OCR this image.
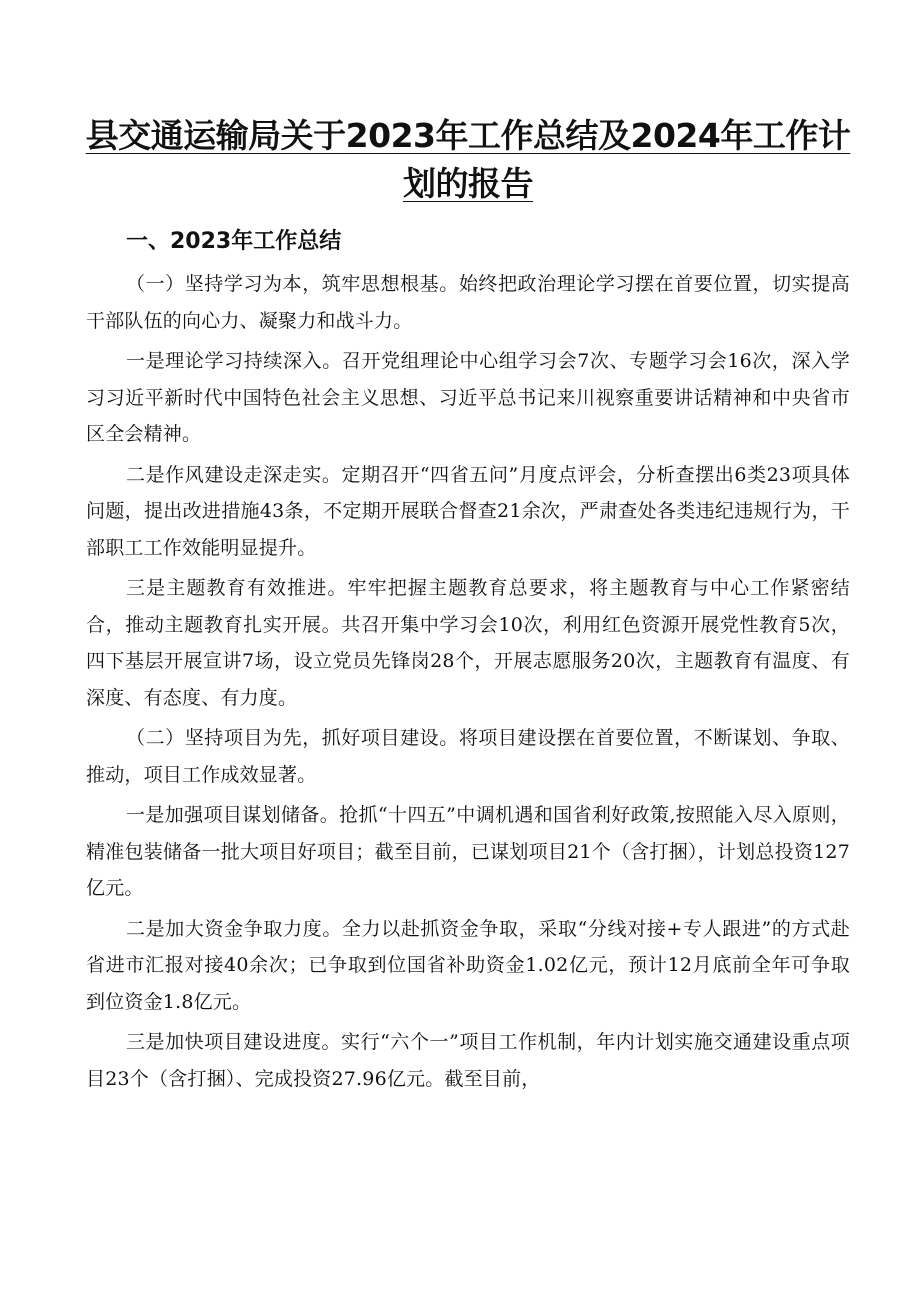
县交通运输局关于2023年工作总结及2024年工作计划的报告
一、2023年工作总结

（一）坚持学习为本，筑牢思想根基。始终把政治理论学习摆在首要位置，切实提高干部队伍的向心力、凝聚力和战斗力。

一是理论学习持续深入。召开党组理论中心组学习会7次、专题学习会16次，深入学习习近平新时代中国特色社会主义思想、习近平总书记来川视察重要讲话精神和中央省市区全会精神。

二是作风建设走深走实。定期召开“四省五问”月度点评会，分析查摆出6类23项具体问题，提出改进措施43条，不定期开展联合督查21余次，严肃查处各类违纪违规行为，干部职工工作效能明显提升。

三是主题教育有效推进。牢牢把握主题教育总要求，将主题教育与中心工作紧密结合，推动主题教育扎实开展。共召开集中学习会10次，利用红色资源开展党性教育5次，四下基层开展宣讲7场，设立党员先锋岗28个，开展志愿服务20次，主题教育有温度、有深度、有态度、有力度。

（二）坚持项目为先，抓好项目建设。将项目建设摆在首要位置，不断谋划、争取、推动，项目工作成效显著。

一是加强项目谋划储备。抢抓“十四五”中调机遇和国省利好政策,按照能入尽入原则，精准包装储备一批大项目好项目；截至目前，已谋划项目21个（含打捆），计划总投资127亿元。

二是加大资金争取力度。全力以赴抓资金争取，采取“分线对接+专人跟进”的方式赴省进市汇报对接40余次；已争取到位国省补助资金1.02亿元，预计12月底前全年可争取到位资金1.8亿元。

三是加快项目建设进度。实行“六个一”项目工作机制，年内计划实施交通建设重点项目23个（含打捆）、完成投资27.96亿元。截至目前，
